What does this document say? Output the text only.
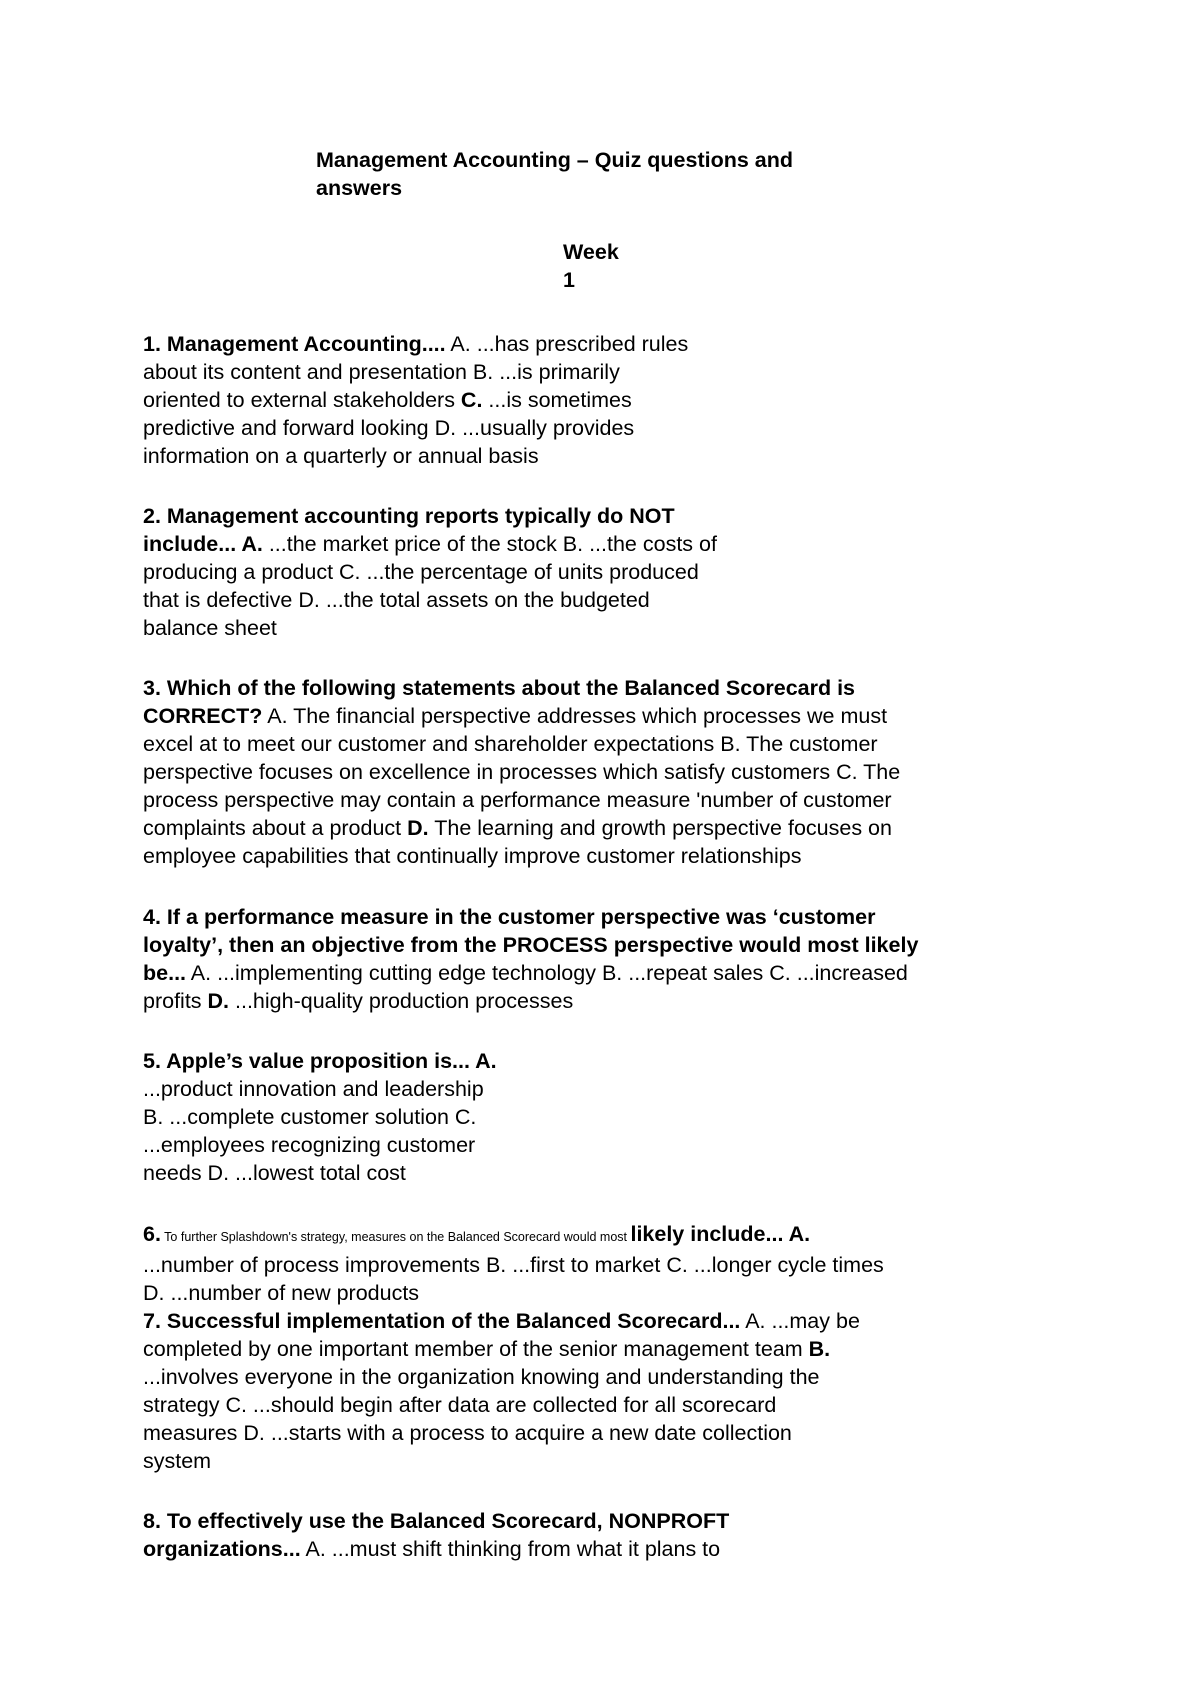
Management Accounting – Quiz questions and
answers
Week
1
1. Management Accounting.... A. ...has prescribed rules
about its content and presentation B. ...is primarily
oriented to external stakeholders C. ...is sometimes
predictive and forward looking D. ...usually provides
information on a quarterly or annual basis
2. Management accounting reports typically do NOT
include... A. ...the market price of the stock B. ...the costs of
producing a product C. ...the percentage of units produced
that is defective D. ...the total assets on the budgeted
balance sheet
3. Which of the following statements about the Balanced Scorecard is
CORRECT? A. The financial perspective addresses which processes we must
excel at to meet our customer and shareholder expectations B. The customer
perspective focuses on excellence in processes which satisfy customers C. The
process perspective may contain a performance measure 'number of customer
complaints about a product D. The learning and growth perspective focuses on
employee capabilities that continually improve customer relationships
4. If a performance measure in the customer perspective was ‘customer
loyalty’, then an objective from the PROCESS perspective would most likely
be... A. ...implementing cutting edge technology B. ...repeat sales C. ...increased
profits D. ...high-quality production processes
5. Apple’s value proposition is... A.
...product innovation and leadership
B. ...complete customer solution C.
...employees recognizing customer
needs D. ...lowest total cost
6. To further Splashdown's strategy, measures on the Balanced Scorecard would most likely include... A.
...number of process improvements B. ...first to market C. ...longer cycle times
D. ...number of new products
7. Successful implementation of the Balanced Scorecard... A. ...may be
completed by one important member of the senior management team B.
...involves everyone in the organization knowing and understanding the
strategy C. ...should begin after data are collected for all scorecard
measures D. ...starts with a process to acquire a new date collection
system
8. To effectively use the Balanced Scorecard, NONPROFT
organizations... A. ...must shift thinking from what it plans to
